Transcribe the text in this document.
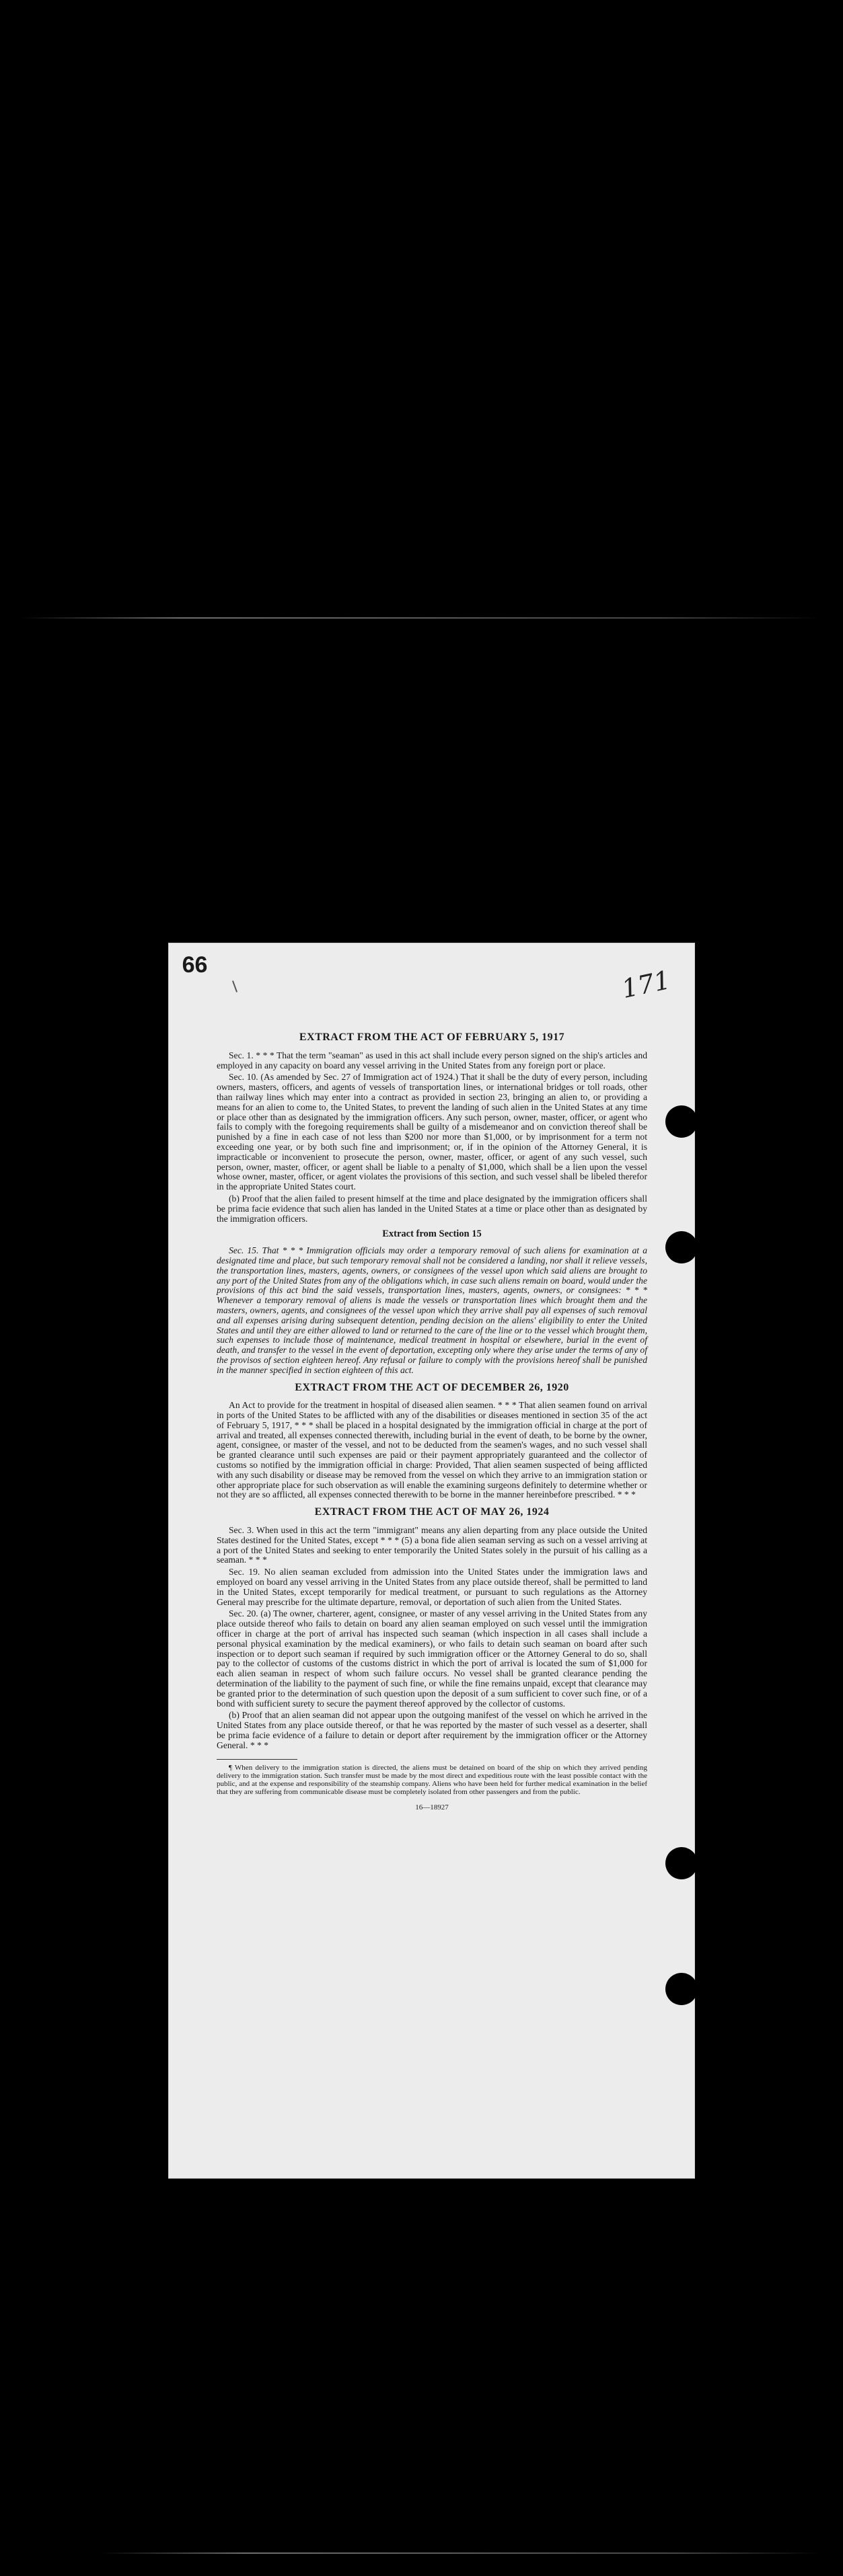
99
171
EXTRACT FROM THE ACT OF FEBRUARY 5, 1917

Sec. 1. * * * That the term "seaman" as used in this act shall include every person signed on the ship's articles and employed in any capacity on board any vessel arriving in the United States from any foreign port or place.

Sec. 10. (As amended by Sec. 27 of Immigration act of 1924.) That it shall be the duty of every person, including owners, masters, officers, and agents of vessels of transportation lines, or international bridges or toll roads, other than railway lines which may enter into a contract as provided in section 23, bringing an alien to, or providing a means for an alien to come to, the United States, to prevent the landing of such alien in the United States at any time or place other than as designated by the immigration officers. Any such person, owner, master, officer, or agent who fails to comply with the foregoing requirements shall be guilty of a misdemeanor and on conviction thereof shall be punished by a fine in each case of not less than $200 nor more than $1,000, or by imprisonment for a term not exceeding one year, or by both such fine and imprisonment; or, if in the opinion of the Attorney General, it is impracticable or inconvenient to prosecute the person, owner, master, officer, or agent of any such vessel, such person, owner, master, officer, or agent shall be liable to a penalty of $1,000, which shall be a lien upon the vessel whose owner, master, officer, or agent violates the provisions of this section, and such vessel shall be libeled therefor in the appropriate United States court.

(b) Proof that the alien failed to present himself at the time and place designated by the immigration officers shall be prima facie evidence that such alien has landed in the United States at a time or place other than as designated by the immigration officers.

Extract from Section 15

Sec. 15. That * * * Immigration officials may order a temporary removal of such aliens for examination at a designated time and place, but such temporary removal shall not be considered a landing, nor shall it relieve vessels, the transportation lines, masters, agents, owners, or consignees of the vessel upon which said aliens are brought to any port of the United States from any of the obligations which, in case such aliens remain on board, would under the provisions of this act bind the said vessels, transportation lines, masters, agents, owners, or consignees: * * * Whenever a temporary removal of aliens is made the vessels or transportation lines which brought them and the masters, owners, agents, and consignees of the vessel upon which they arrive shall pay all expenses of such removal and all expenses arising during subsequent detention, pending decision on the aliens' eligibility to enter the United States and until they are either allowed to land or returned to the care of the line or to the vessel which brought them, such expenses to include those of maintenance, medical treatment in hospital or elsewhere, burial in the event of death, and transfer to the vessel in the event of deportation, excepting only where they arise under the terms of any of the provisos of section eighteen hereof. Any refusal or failure to comply with the provisions hereof shall be punished in the manner specified in section eighteen of this act.

EXTRACT FROM THE ACT OF DECEMBER 26, 1920

An Act to provide for the treatment in hospital of diseased alien seamen. * * * That alien seamen found on arrival in ports of the United States to be afflicted with any of the disabilities or diseases mentioned in section 35 of the act of February 5, 1917, * * * shall be placed in a hospital designated by the immigration official in charge at the port of arrival and treated, all expenses connected therewith, including burial in the event of death, to be borne by the owner, agent, consignee, or master of the vessel, and not to be deducted from the seamen's wages, and no such vessel shall be granted clearance until such expenses are paid or their payment appropriately guaranteed and the collector of customs so notified by the immigration official in charge: Provided, That alien seamen suspected of being afflicted with any such disability or disease may be removed from the vessel on which they arrive to an immigration station or other appropriate place for such observation as will enable the examining surgeons definitely to determine whether or not they are so afflicted, all expenses connected therewith to be borne in the manner hereinbefore prescribed. * * *

EXTRACT FROM THE ACT OF MAY 26, 1924

Sec. 3. When used in this act the term "immigrant" means any alien departing from any place outside the United States destined for the United States, except * * * (5) a bona fide alien seaman serving as such on a vessel arriving at a port of the United States and seeking to enter temporarily the United States solely in the pursuit of his calling as a seaman. * * *

Sec. 19. No alien seaman excluded from admission into the United States under the immigration laws and employed on board any vessel arriving in the United States from any place outside thereof, shall be permitted to land in the United States, except temporarily for medical treatment, or pursuant to such regulations as the Attorney General may prescribe for the ultimate departure, removal, or deportation of such alien from the United States.

Sec. 20. (a) The owner, charterer, agent, consignee, or master of any vessel arriving in the United States from any place outside thereof who fails to detain on board any alien seaman employed on such vessel until the immigration officer in charge at the port of arrival has inspected such seaman (which inspection in all cases shall include a personal physical examination by the medical examiners), or who fails to detain such seaman on board after such inspection or to deport such seaman if required by such immigration officer or the Attorney General to do so, shall pay to the collector of customs of the customs district in which the port of arrival is located the sum of $1,000 for each alien seaman in respect of whom such failure occurs. No vessel shall be granted clearance pending the determination of the liability to the payment of such fine, or while the fine remains unpaid, except that clearance may be granted prior to the determination of such question upon the deposit of a sum sufficient to cover such fine, or of a bond with sufficient surety to secure the payment thereof approved by the collector of customs.

(b) Proof that an alien seaman did not appear upon the outgoing manifest of the vessel on which he arrived in the United States from any place outside thereof, or that he was reported by the master of such vessel as a deserter, shall be prima facie evidence of a failure to detain or deport after requirement by the immigration officer or the Attorney General. * * *

¶ When delivery to the immigration station is directed, the aliens must be detained on board of the ship on which they arrived pending delivery to the immigration station. Such transfer must be made by the most direct and expeditious route with the least possible contact with the public, and at the expense and responsibility of the steamship company. Aliens who have been held for further medical examination in the belief that they are suffering from communicable disease must be completely isolated from other passengers and from the public.

16—18927
